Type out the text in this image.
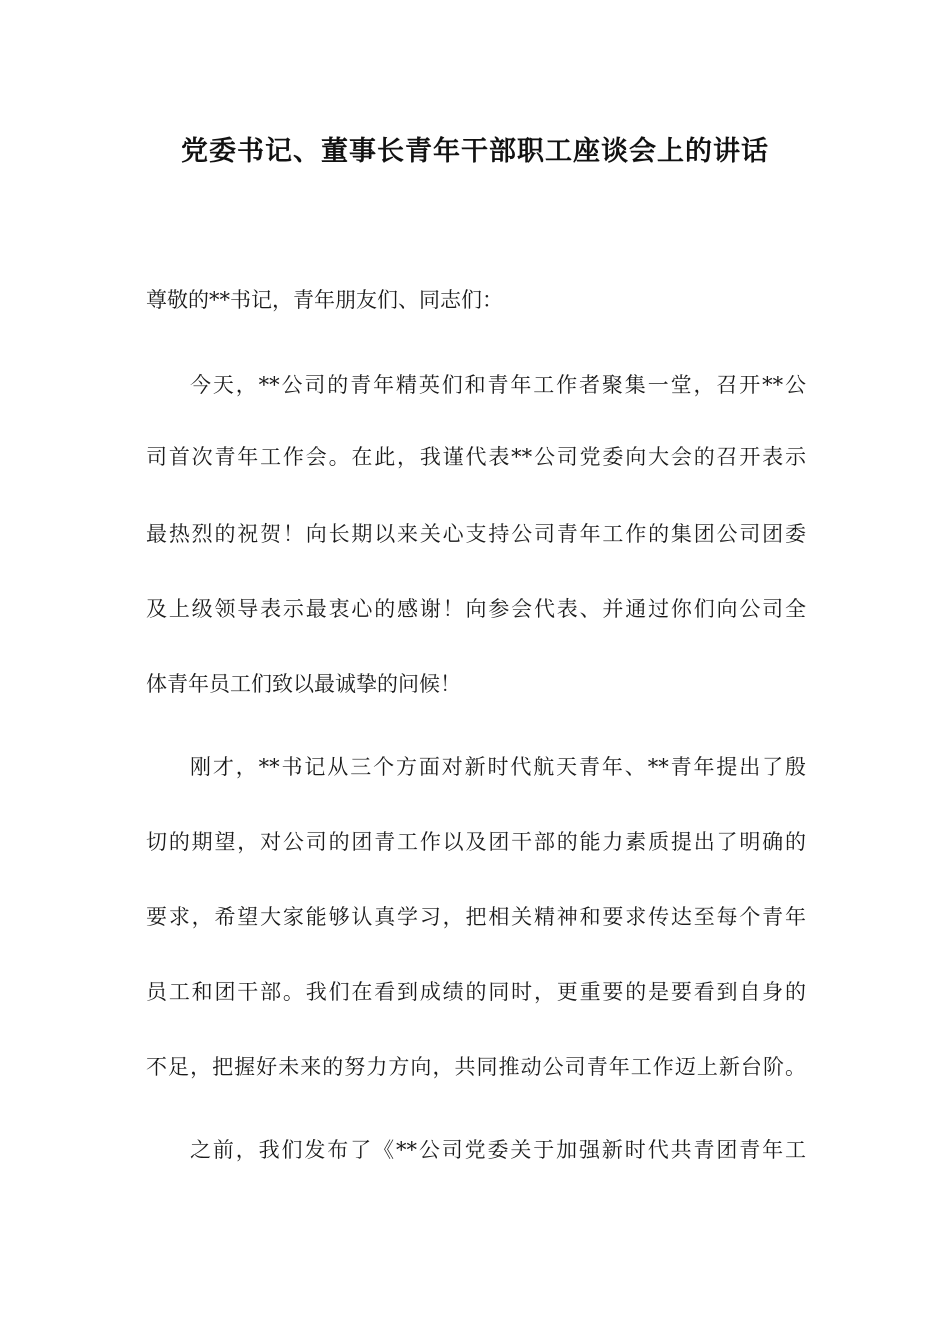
党委书记、董事长青年干部职工座谈会上的讲话
尊敬的**书记，青年朋友们、同志们：
今天，**公司的青年精英们和青年工作者聚集一堂，召开**公
司首次青年工作会。在此，我谨代表**公司党委向大会的召开表示
最热烈的祝贺！向长期以来关心支持公司青年工作的集团公司团委
及上级领导表示最衷心的感谢！向参会代表、并通过你们向公司全
体青年员工们致以最诚挚的问候！
刚才，**书记从三个方面对新时代航天青年、**青年提出了殷
切的期望，对公司的团青工作以及团干部的能力素质提出了明确的
要求，希望大家能够认真学习，把相关精神和要求传达至每个青年
员工和团干部。我们在看到成绩的同时，更重要的是要看到自身的
不足，把握好未来的努力方向，共同推动公司青年工作迈上新台阶。
之前，我们发布了《**公司党委关于加强新时代共青团青年工
